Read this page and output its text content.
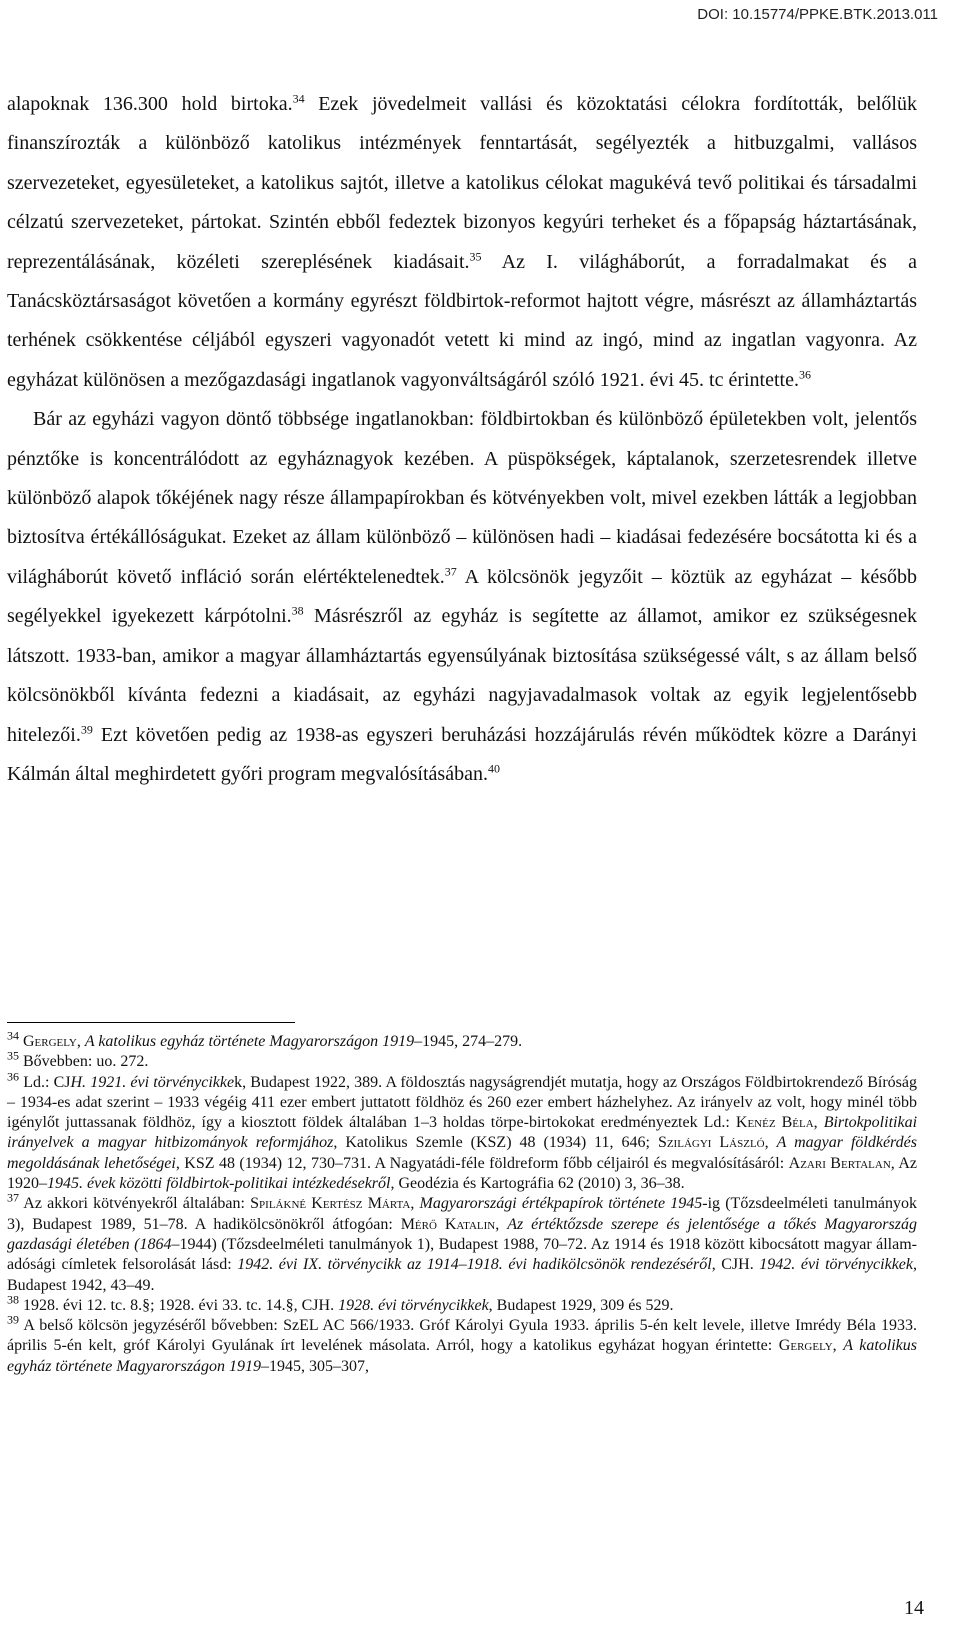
DOI: 10.15774/PPKE.BTK.2013.011

alapoknak 136.300 hold birtoka.$^{34}$ Ezek jövedelmeit vallási és közoktatási célokra fordították, belőlük finanszírozták a különböző katolikus intézmények fenntartását, segélyezték a hitbuzgalmi, vallásos szervezeteket, egyesületeket, a katolikus sajtót, illetve a katolikus célokat magukévá tevő politikai és társadalmi célzatú szervezeteket, pártokat. Szintén ebből fedeztek bizonyos kegyúri terheket és a főpapság háztartásának, reprezentálásának, közéleti szereplésének kiadásait.$^{35}$ Az I. világháborút, a forradalmakat és a Tanácsköztársaságot követően a kormány egyrészt földbirtok-reformot hajtott végre, másrészt az államháztartás terhének csökkentése céljából egyszeri vagyonadót vetett ki mind az ingó, mind az ingatlan vagyonra. Az egyházat különösen a mezőgazdasági ingatlanok vagyonváltságáról szóló 1921. évi 45. tc érintette.$^{36}$

Bár az egyházi vagyon döntő többsége ingatlanokban: földbirtokban és különböző épületekben volt, jelentős pénztőke is koncentrálódott az egyháznagyok kezében. A püspökségek, káptalanok, szerzetesrendek illetve különböző alapok tőkéjének nagy része állampapírokban és kötvényekben volt, mivel ezekben látták a legjobban biztosítva értékállóságukat. Ezeket az állam különböző – különösen hadi – kiadásai fedezésére bocsátotta ki és a világháborút követő infláció során elértéktelenedtek.$^{37}$ A kölcsönök jegyzőit – köztük az egyházat – később segélyekkel igyekezett kárpótolni.$^{38}$ Másrészről az egyház is segítette az államot, amikor ez szükségesnek látszott. 1933-ban, amikor a magyar államháztartás egyensúlyának biztosítása szükségessé vált, s az állam belső kölcsönökből kívánta fedezni a kiadásait, az egyházi nagyjavadalmasok voltak az egyik legjelentősebb hitelezői.$^{39}$ Ezt követően pedig az 1938-as egyszeri beruházási hozzájárulás révén működtek közre a Darányi Kálmán által meghirdetett győri program megvalósításában.$^{40}$

$^{34}$ Gergely, A katolikus egyház története Magyarországon 1919–1945, 274–279.

$^{35}$ Bővebben: uo. 272.

$^{36}$ Ld.: CJH. 1921. évi törvénycikkek, Budapest 1922, 389. A földosztás nagyságrendjét mutatja, hogy az Országos Földbirtokrendező Bíróság – 1934-es adat szerint – 1933 végéig 411 ezer embert juttatott földhöz és 260 ezer embert házhelyhez. Az irányelv az volt, hogy minél több igénylőt juttassanak földhöz, így a kiosztott földek általában 1–3 holdas törpe-birtokokat eredményeztek Ld.: Kenéz Béla, Birtokpolitikai irányelvek a magyar hitbizományok reformjához, Katolikus Szemle (KSZ) 48 (1934) 11, 646; Szilágyi László, A magyar földkérdés megoldásának lehetőségei, KSZ 48 (1934) 12, 730–731. A Nagyatádi-féle földreform főbb céljairól és megvalósításáról: Azari Bertalan, Az 1920–1945. évek közötti földbirtok-politikai intézkedésekről, Geodézia és Kartográfia 62 (2010) 3, 36–38.

$^{37}$ Az akkori kötvényekről általában: Spilákné Kertész Márta, Magyarországi értékpapírok története 1945-ig (Tőzsdeelméleti tanulmányok 3), Budapest 1989, 51–78. A hadikölcsönökről átfogóan: Mérő Katalin, Az értéktőzsde szerepe és jelentősége a tőkés Magyarország gazdasági életében (1864–1944) (Tőzsdeelméleti tanulmányok 1), Budapest 1988, 70–72. Az 1914 és 1918 között kibocsátott magyar államadósági címletek felsorolását lásd: 1942. évi IX. törvénycikk az 1914–1918. évi hadikölcsönök rendezéséről, CJH. 1942. évi törvénycikkek, Budapest 1942, 43–49.

$^{38}$ 1928. évi 12. tc. 8.§; 1928. évi 33. tc. 14.§, CJH. 1928. évi törvénycikkek, Budapest 1929, 309 és 529.

$^{39}$ A belső kölcsön jegyzéséről bővebben: SzEL AC 566/1933. Gróf Károlyi Gyula 1933. április 5-én kelt levele, illetve Imrédy Béla 1933. április 5-én kelt, gróf Károlyi Gyulának írt levelének másolata. Arról, hogy a katolikus egyházat hogyan érintette: Gergely, A katolikus egyház története Magyarországon 1919–1945, 305–307,

14
